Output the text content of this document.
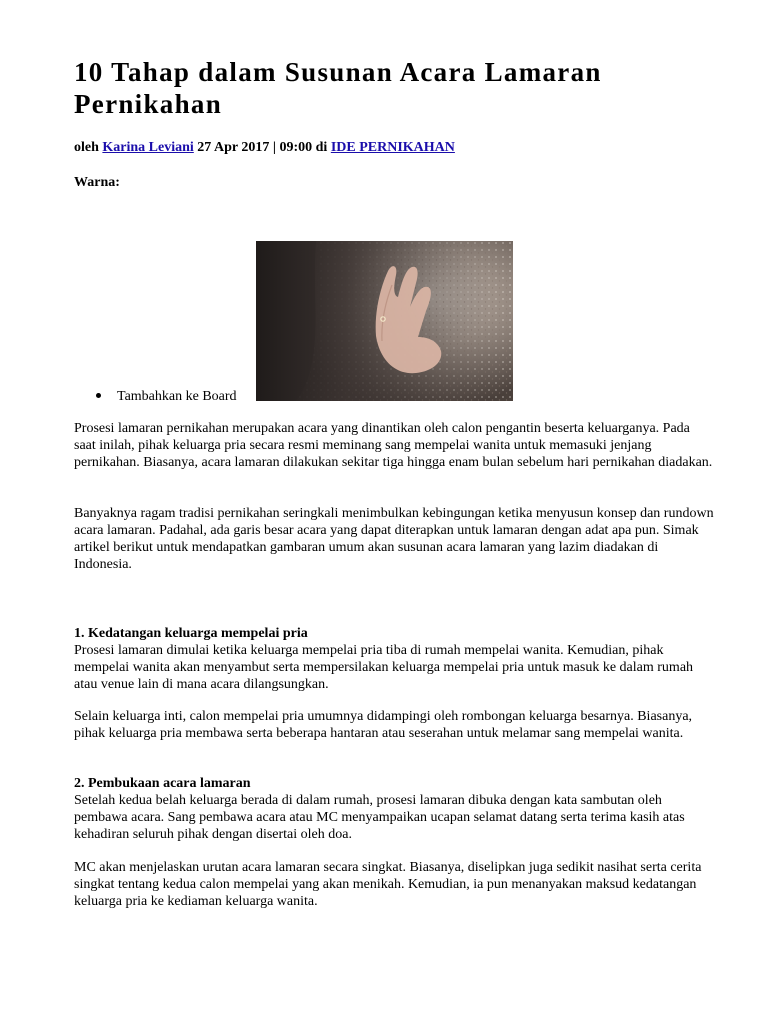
10 Tahap dalam Susunan Acara Lamaran Pernikahan
oleh Karina Leviani 27 Apr 2017 | 09:00 di IDE PERNIKAHAN
Warna:
Tambahkan ke Board

Prosesi lamaran pernikahan merupakan acara yang dinantikan oleh calon pengantin beserta keluarganya. Pada saat inilah, pihak keluarga pria secara resmi meminang sang mempelai wanita untuk memasuki jenjang pernikahan. Biasanya, acara lamaran dilakukan sekitar tiga hingga enam bulan sebelum hari pernikahan diadakan.

Banyaknya ragam tradisi pernikahan seringkali menimbulkan kebingungan ketika menyusun konsep dan rundown acara lamaran. Padahal, ada garis besar acara yang dapat diterapkan untuk lamaran dengan adat apa pun. Simak artikel berikut untuk mendapatkan gambaran umum akan susunan acara lamaran yang lazim diadakan di Indonesia.

1. Kedatangan keluarga mempelai pria
Prosesi lamaran dimulai ketika keluarga mempelai pria tiba di rumah mempelai wanita. Kemudian, pihak mempelai wanita akan menyambut serta mempersilakan keluarga mempelai pria untuk masuk ke dalam rumah atau venue lain di mana acara dilangsungkan.

Selain keluarga inti, calon mempelai pria umumnya didampingi oleh rombongan keluarga besarnya. Biasanya, pihak keluarga pria membawa serta beberapa hantaran atau seserahan untuk melamar sang mempelai wanita.

2. Pembukaan acara lamaran
Setelah kedua belah keluarga berada di dalam rumah, prosesi lamaran dibuka dengan kata sambutan oleh pembawa acara. Sang pembawa acara atau MC menyampaikan ucapan selamat datang serta terima kasih atas kehadiran seluruh pihak dengan disertai oleh doa.

MC akan menjelaskan urutan acara lamaran secara singkat. Biasanya, diselipkan juga sedikit nasihat serta cerita singkat tentang kedua calon mempelai yang akan menikah. Kemudian, ia pun menanyakan maksud kedatangan keluarga pria ke kediaman keluarga wanita.
